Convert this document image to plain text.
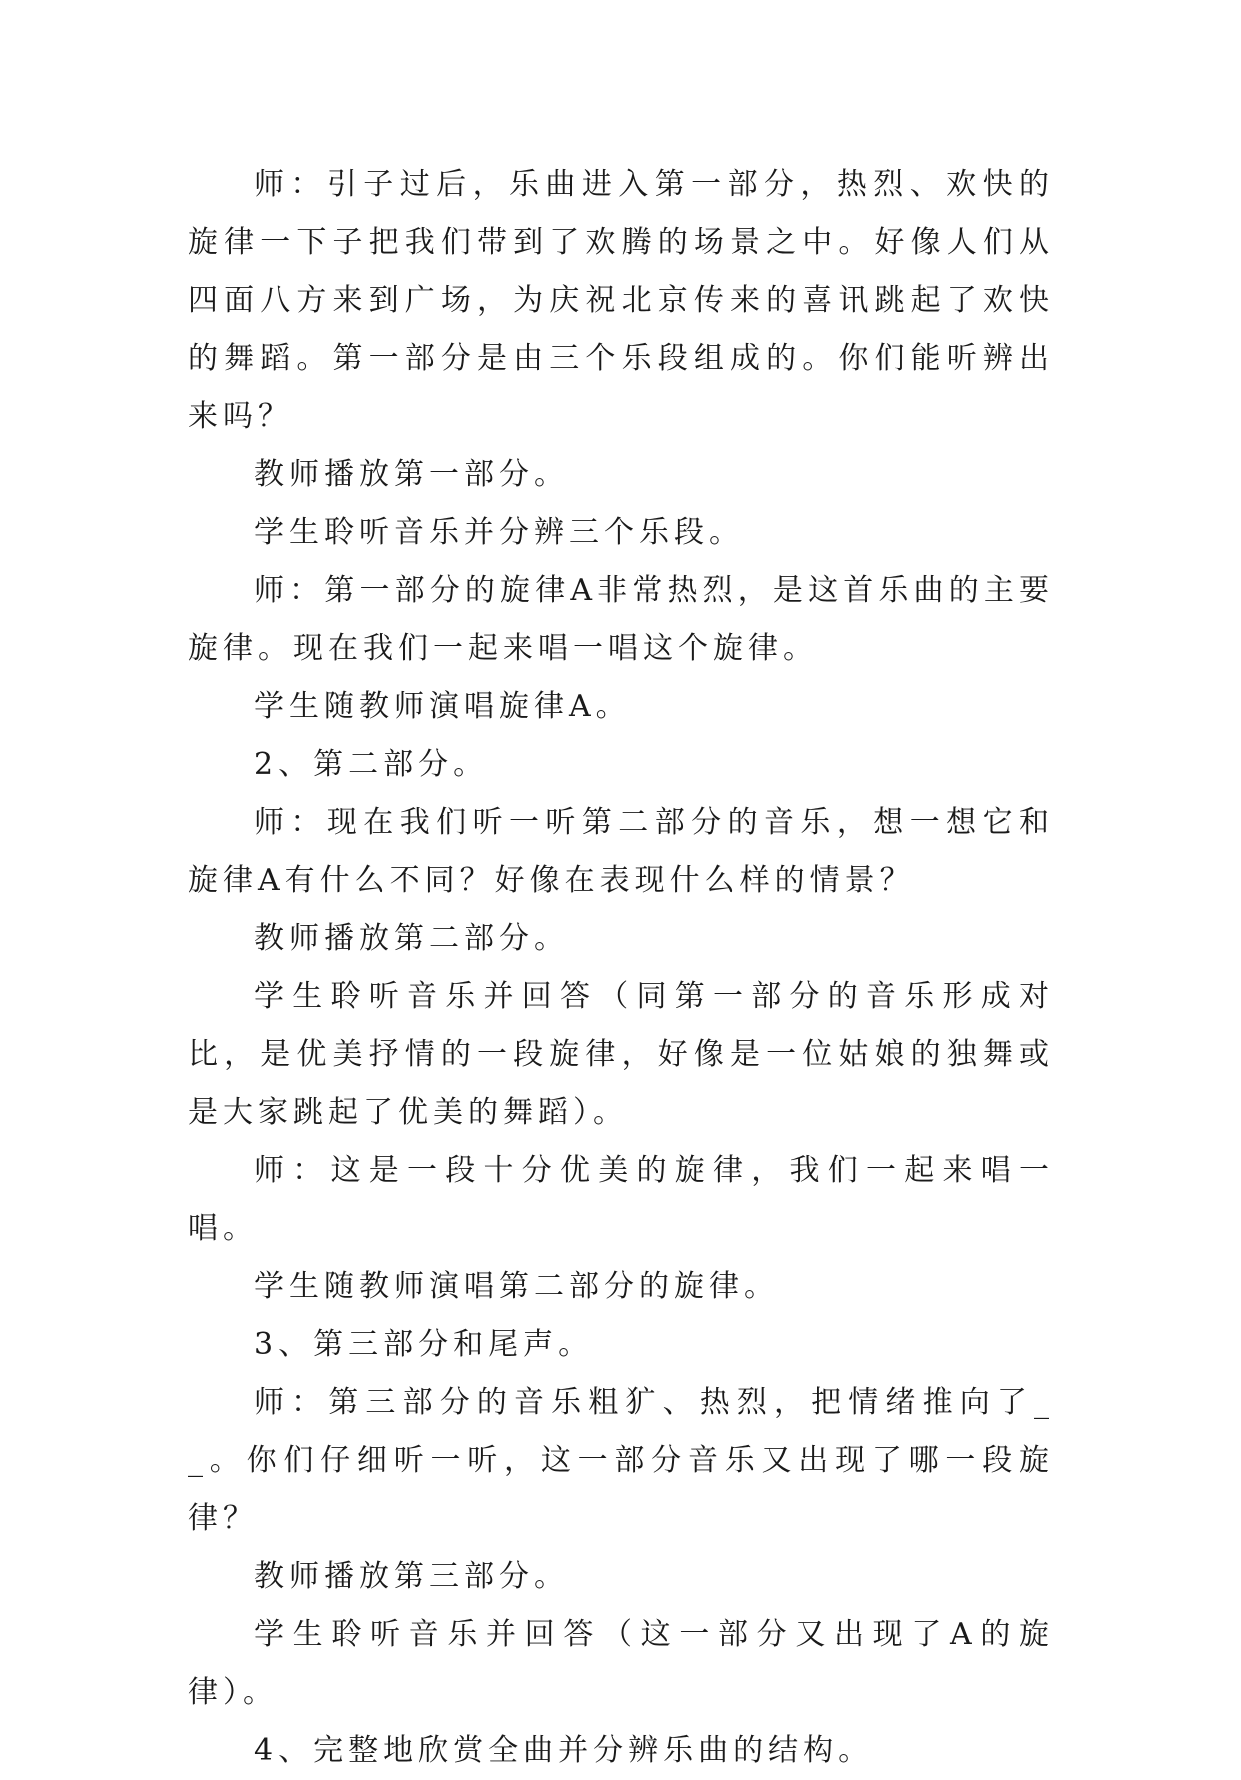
师：引子过后，乐曲进入第一部分，热烈、欢快的旋律一下子把我们带到了欢腾的场景之中。好像人们从四面八方来到广场，为庆祝北京传来的喜讯跳起了欢快的舞蹈。第一部分是由三个乐段组成的。你们能听辨出来吗？

教师播放第一部分。

学生聆听音乐并分辨三个乐段。

师：第一部分的旋律A非常热烈，是这首乐曲的主要旋律。现在我们一起来唱一唱这个旋律。

学生随教师演唱旋律A。

2、第二部分。

师：现在我们听一听第二部分的音乐，想一想它和旋律A有什么不同？好像在表现什么样的情景？

教师播放第二部分。

学生聆听音乐并回答（同第一部分的音乐形成对比，是优美抒情的一段旋律，好像是一位姑娘的独舞或是大家跳起了优美的舞蹈）。

师：这是一段十分优美的旋律，我们一起来唱一唱。

学生随教师演唱第二部分的旋律。

3、第三部分和尾声。

师：第三部分的音乐粗犷、热烈，把情绪推向了__。你们仔细听一听，这一部分音乐又出现了哪一段旋律？

教师播放第三部分。

学生聆听音乐并回答（这一部分又出现了A的旋律）。

4、完整地欣赏全曲并分辨乐曲的结构。
